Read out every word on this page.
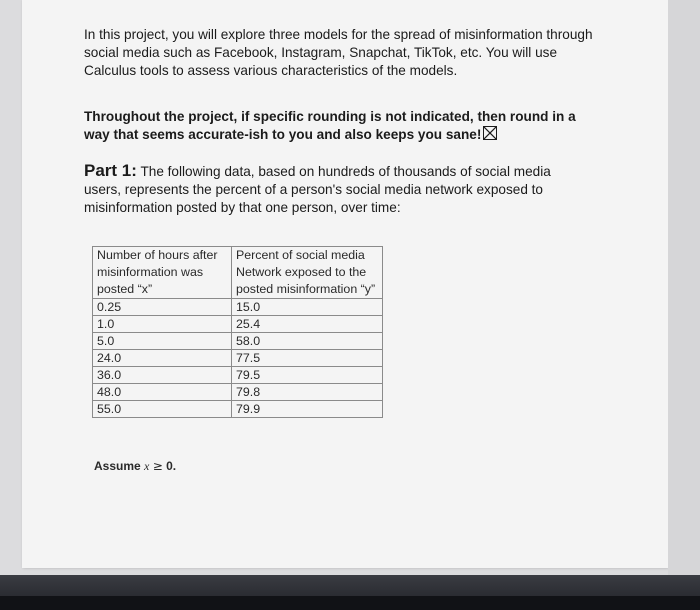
In this project, you will explore three models for the spread of misinformation through social media such as Facebook, Instagram, Snapchat, TikTok, etc. You will use Calculus tools to assess various characteristics of the models.

Throughout the project, if specific rounding is not indicated, then round in a way that seems accurate-ish to you and also keeps you sane!

Part 1: The following data, based on hundreds of thousands of social media users, represents the percent of a person's social media network exposed to misinformation posted by that one person, over time:

Number of hours after misinformation was posted “x”	Percent of social media Network exposed to the posted misinformation “y”
0.25	15.0
1.0	25.4
5.0	58.0
24.0	77.5
36.0	79.5
48.0	79.8
55.0	79.9
Assume x ≥ 0.
